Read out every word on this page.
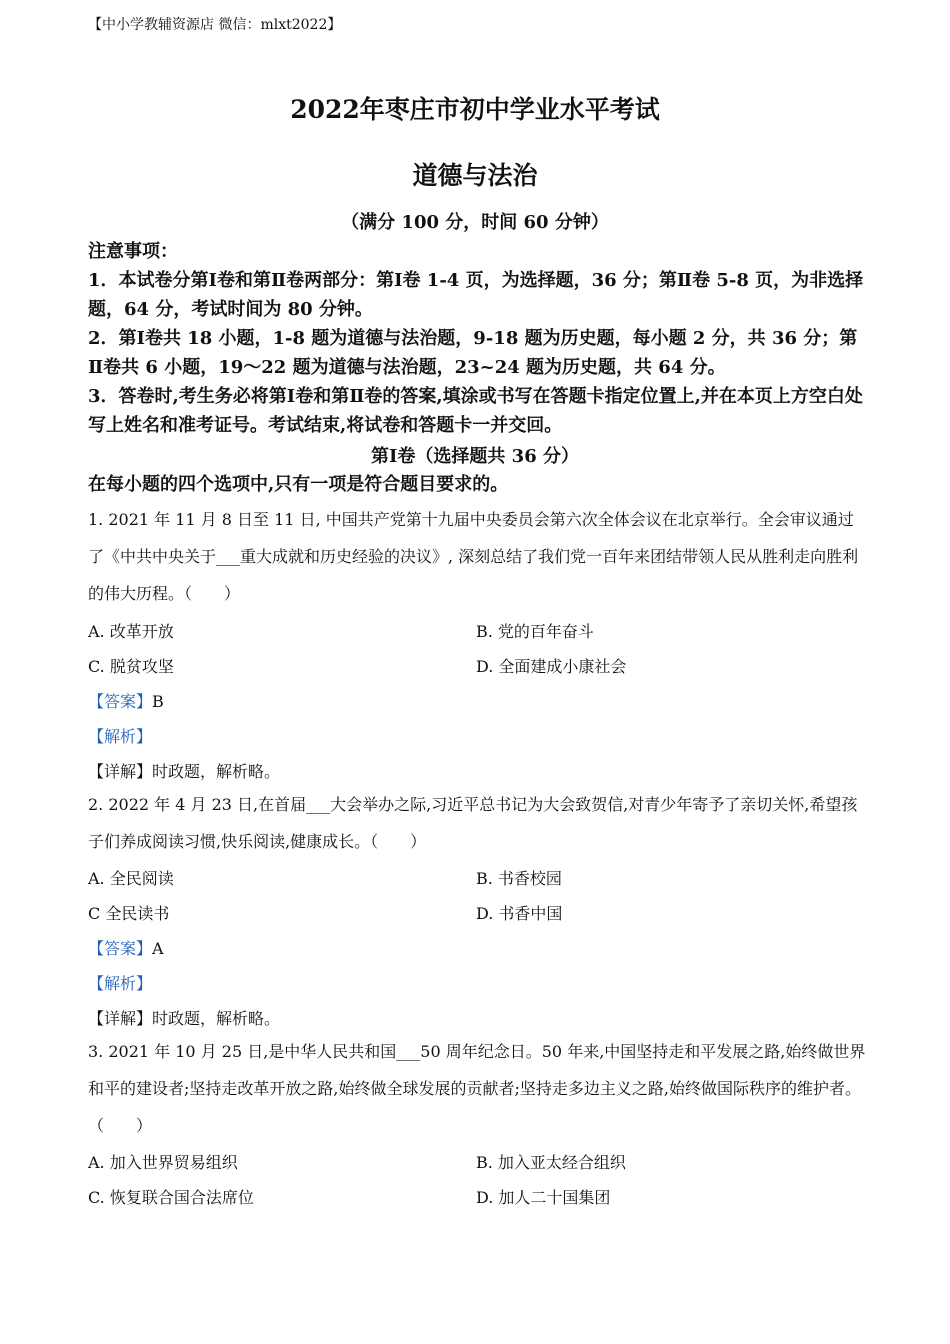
【中小学教辅资源店 微信：mlxt2022】
2022年枣庄市初中学业水平考试
道德与法治
（满分 100 分，时间 60 分钟）
注意事项：
1．本试卷分第Ⅰ卷和第Ⅱ卷两部分：第Ⅰ卷 1-4 页，为选择题，36 分；第Ⅱ卷 5-8 页，为非选择题，64 分，考试时间为 80 分钟。
2．第Ⅰ卷共 18 小题，1-8 题为道德与法治题，9-18 题为历史题，每小题 2 分，共 36 分；第Ⅱ卷共 6 小题，19～22 题为道德与法治题，23~24 题为历史题，共 64 分。
3．答卷时,考生务必将第Ⅰ卷和第Ⅱ卷的答案,填涂或书写在答题卡指定位置上,并在本页上方空白处写上姓名和准考证号。考试结束,将试卷和答题卡一并交回。
第Ⅰ卷（选择题共 36 分）
在每小题的四个选项中,只有一项是符合题目要求的。
1. 2021 年 11 月 8 日至 11 日, 中国共产党第十九届中央委员会第六次全体会议在北京举行。全会审议通过了《中共中央关于___重大成就和历史经验的决议》, 深刻总结了我们党一百年来团结带领人民从胜利走向胜利的伟大历程。（　　）
A. 改革开放	B. 党的百年奋斗
C. 脱贫攻坚	D. 全面建成小康社会
【答案】B
【解析】
【详解】时政题，解析略。
2. 2022 年 4 月 23 日,在首届___大会举办之际,习近平总书记为大会致贺信,对青少年寄予了亲切关怀,希望孩子们养成阅读习惯,快乐阅读,健康成长。（　　）
A. 全民阅读	B. 书香校园
C 全民读书	D. 书香中国
【答案】A
【解析】
【详解】时政题，解析略。
3. 2021 年 10 月 25 日,是中华人民共和国___50 周年纪念日。50 年来,中国坚持走和平发展之路,始终做世界和平的建设者;坚持走改革开放之路,始终做全球发展的贡献者;坚持走多边主义之路,始终做国际秩序的维护者。（　　）
A. 加入世界贸易组织	B. 加入亚太经合组织
C. 恢复联合国合法席位	D. 加人二十国集团
